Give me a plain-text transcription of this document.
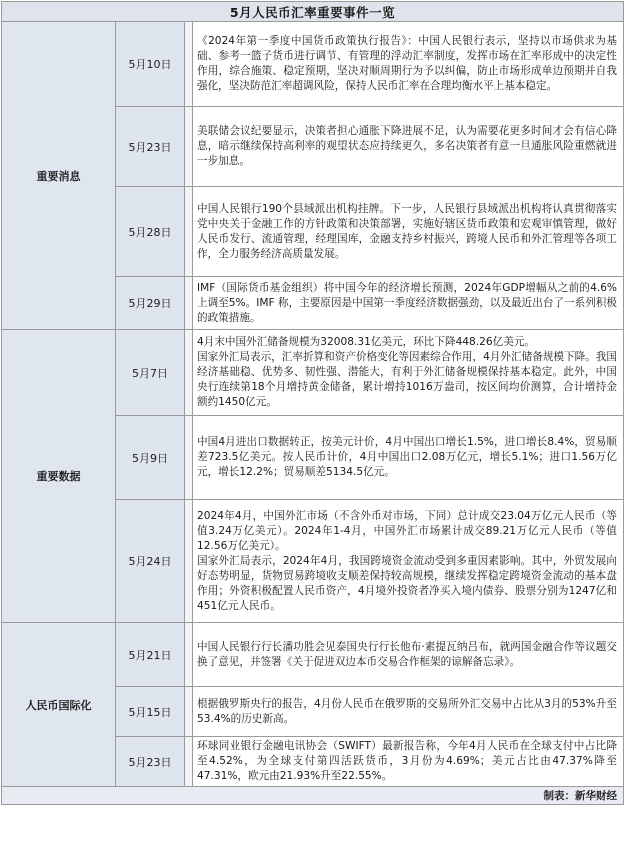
5月人民币汇率重要事件一览			
重要消息	5月10日		《2024年第一季度中国货币政策执行报告》：中国人民银行表示，坚持以市场供求为基础、参考一篮子货币进行调节、有管理的浮动汇率制度，发挥市场在汇率形成中的决定性作用，综合施策、稳定预期，坚决对顺周期行为予以纠偏，防止市场形成单边预期并自我强化，坚决防范汇率超调风险，保持人民币汇率在合理均衡水平上基本稳定。

	5月23日		美联储会议纪要显示，决策者担心通胀下降进展不足，认为需要花更多时间才会有信心降息，暗示继续保持高利率的观望状态应持续更久，多名决策者有意一旦通胀风险重燃就进一步加息。

	5月28日		中国人民银行190个县域派出机构挂牌。下一步，人民银行县域派出机构将认真贯彻落实党中央关于金融工作的方针政策和决策部署，实施好辖区货币政策和宏观审慎管理，做好人民币发行、流通管理，经理国库，金融支持乡村振兴，跨境人民币和外汇管理等各项工作，全力服务经济高质量发展。

	5月29日		IMF（国际货币基金组织）将中国今年的经济增长预测，2024年GDP增幅从之前的4.6%上调至5%。IMF 称，主要原因是中国第一季度经济数据强劲，以及最近出台了一系列积极的政策措施。

重要数据	5月7日		4月末中国外汇储备规模为32008.31亿美元，环比下降448.26亿美元。

国家外汇局表示，汇率折算和资产价格变化等因素综合作用，4月外汇储备规模下降。我国经济基础稳、优势多、韧性强、潜能大，有利于外汇储备规模保持基本稳定。此外，中国央行连续第18个月增持黄金储备，累计增持1016万盎司，按区间均价测算，合计增持金额约1450亿元。

	5月9日		中国4月进出口数据转正，按美元计价，4月中国出口增长1.5%，进口增长8.4%，贸易顺差723.5亿美元。按人民币计价，4月中国出口2.08万亿元，增长5.1%；进口1.56万亿元，增长12.2%；贸易顺差5134.5亿元。

	5月24日		2024年4月，中国外汇市场（不含外币对市场，下同）总计成交23.04万亿元人民币（等值3.24万亿美元）。2024年1-4月，中国外汇市场累计成交89.21万亿元人民币（等值12.56万亿美元）。

国家外汇局表示，2024年4月，我国跨境资金流动受到多重因素影响。其中，外贸发展向好态势明显，货物贸易跨境收支顺差保持较高规模，继续发挥稳定跨境资金流动的基本盘作用；外资积极配置人民币资产，4月境外投资者净买入境内债券、股票分别为1247亿和451亿元人民币。

人民币国际化	5月21日		中国人民银行行长潘功胜会见泰国央行行长他布·素提瓦纳吕布，就两国金融合作等议题交换了意见，并签署《关于促进双边本币交易合作框架的谅解备忘录》。

	5月15日		根据俄罗斯央行的报告，4月份人民币在俄罗斯的交易所外汇交易中占比从3月的53%升至53.4%的历史新高。

	5月23日		环球同业银行金融电讯协会（SWIFT）最新报告称，今年4月人民币在全球支付中占比降至4.52%，为全球支付第四活跃货币，3月份为4.69%；美元占比由47.37%降至47.31%，欧元由21.93%升至22.55%。

制表：新华财经			
